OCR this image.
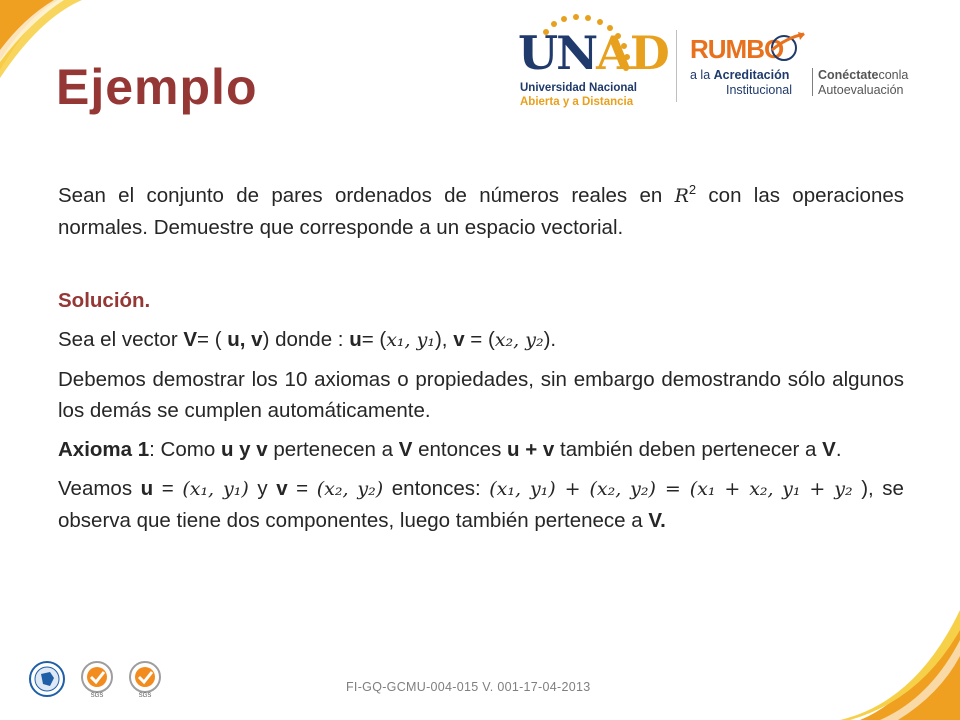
Ejemplo
UNAD
Universidad Nacional
Abierta y a Distancia
RUMBO
a la Acreditación
Institucional
Conéctateconla
Autoevaluación

Sean el conjunto de pares ordenados de números reales en $R^2$ con las operaciones normales. Demuestre que corresponde a un espacio vectorial.

Solución.

Sea el vector V= ( u, v) donde : u= (x₁, y₁), v = (x₂, y₂).

Debemos demostrar los 10 axiomas o propiedades, sin embargo demostrando sólo algunos los demás se cumplen automáticamente.

Axioma 1: Como u y v pertenecen a V entonces u + v también deben pertenecer a V.

Veamos u = (x₁, y₁) y v = (x₂, y₂) entonces: (x₁, y₁) + (x₂, y₂) = (x₁ + x₂, y₁ + y₂ ), se observa que tiene dos componentes, luego también pertenece a V.

SGS	SGS
FI-GQ-GCMU-004-015 V. 001-17-04-2013
